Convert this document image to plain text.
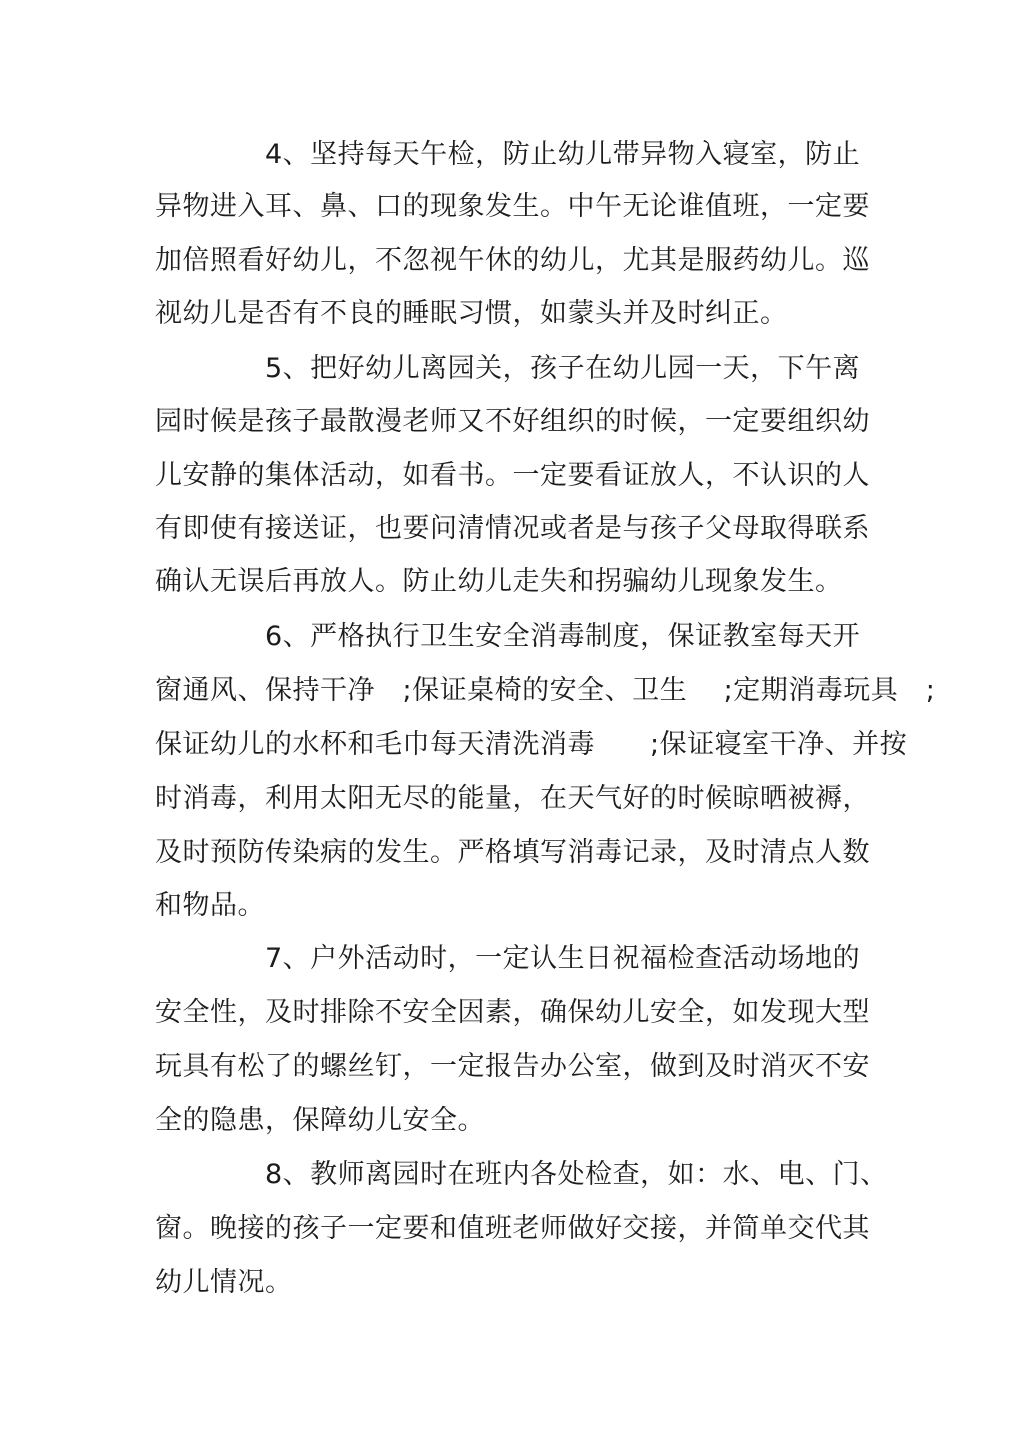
4、坚持每天午检，防止幼儿带异物入寝室，防止
异物进入耳、鼻、口的现象发生。中午无论谁值班，一定要
加倍照看好幼儿，不忽视午休的幼儿，尤其是服药幼儿。巡
视幼儿是否有不良的睡眠习惯，如蒙头并及时纠正。
5、把好幼儿离园关，孩子在幼儿园一天，下午离
园时候是孩子最散漫老师又不好组织的时候，一定要组织幼
儿安静的集体活动，如看书。一定要看证放人，不认识的人
有即使有接送证，也要问清情况或者是与孩子父母取得联系
确认无误后再放人。防止幼儿走失和拐骗幼儿现象发生。
6、严格执行卫生安全消毒制度，保证教室每天开
窗通风、保持干净　;保证桌椅的安全、卫生　 ;定期消毒玩具　;
保证幼儿的水杯和毛巾每天清洗消毒　　;保证寝室干净、并按
时消毒，利用太阳无尽的能量，在天气好的时候晾晒被褥，
及时预防传染病的发生。严格填写消毒记录，及时清点人数
和物品。
7、户外活动时，一定认生日祝福检查活动场地的
安全性，及时排除不安全因素，确保幼儿安全，如发现大型
玩具有松了的螺丝钉，一定报告办公室，做到及时消灭不安
全的隐患，保障幼儿安全。
8、教师离园时在班内各处检查，如：水、电、门、
窗。晚接的孩子一定要和值班老师做好交接，并简单交代其
幼儿情况。
